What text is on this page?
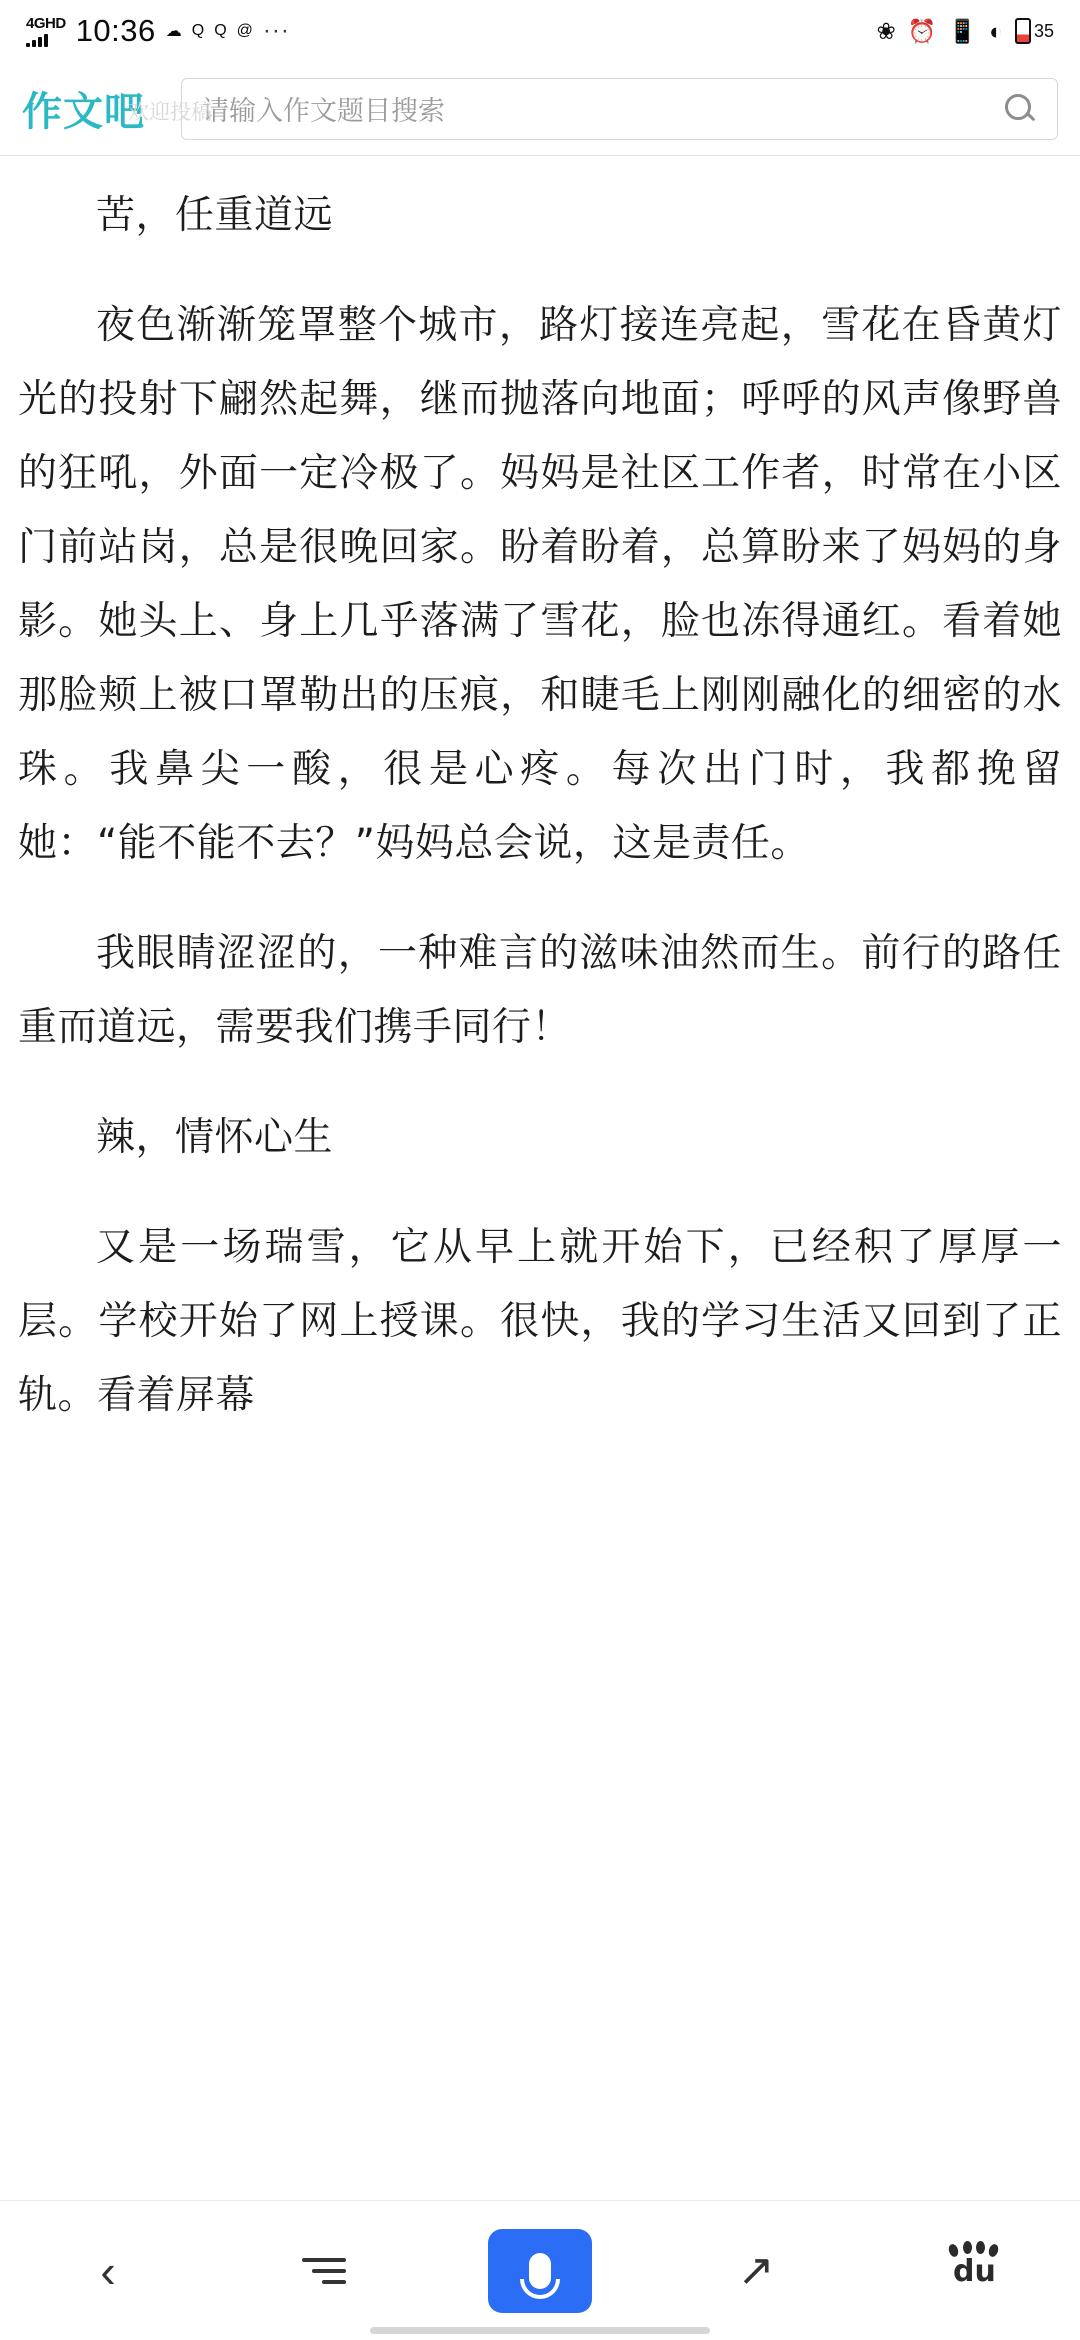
4GHD 10:36 ☁ Q Q @ ···	❀ ⏰ 📱 ◐ 35
作文吧
欢迎投稿
请输入作文题目搜索

苦，任重道远

夜色渐渐笼罩整个城市，路灯接连亮起，雪花在昏黄灯光的投射下翩然起舞，继而抛落向地面；呼呼的风声像野兽的狂吼，外面一定冷极了。妈妈是社区工作者，时常在小区门前站岗，总是很晚回家。盼着盼着，总算盼来了妈妈的身影。她头上、身上几乎落满了雪花，脸也冻得通红。看着她那脸颊上被口罩勒出的压痕，和睫毛上刚刚融化的细密的水珠。我鼻尖一酸，很是心疼。每次出门时，我都挽留她：“能不能不去？”妈妈总会说，这是责任。

我眼睛涩涩的，一种难言的滋味油然而生。前行的路任重而道远，需要我们携手同行！

辣，情怀心生

又是一场瑞雪，它从早上就开始下，已经积了厚厚一层。学校开始了网上授课。很快，我的学习生活又回到了正轨。看着屏幕

‹	↗	du
